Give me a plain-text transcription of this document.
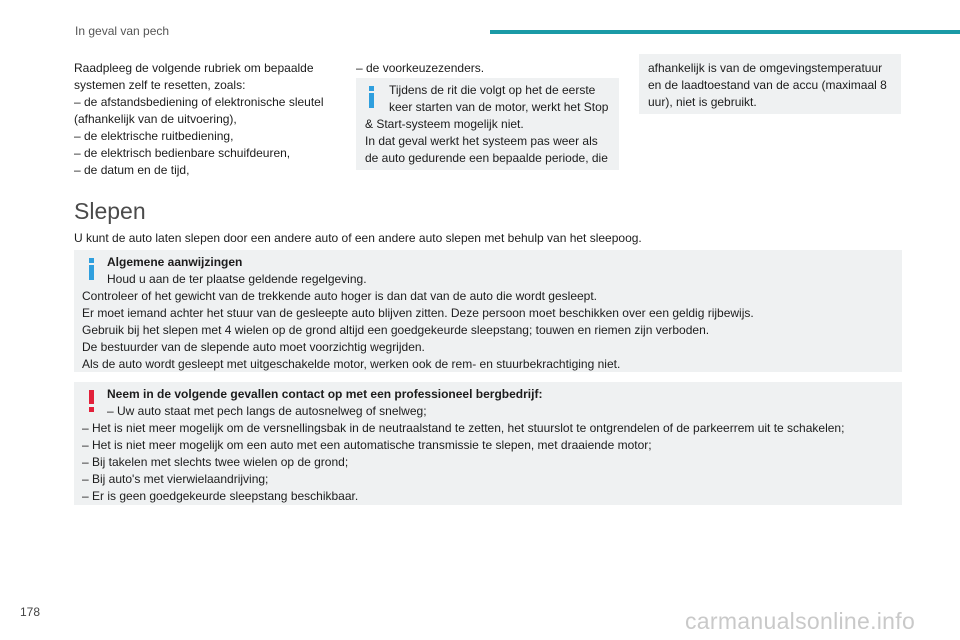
In geval van pech
Raadpleeg de volgende rubriek om bepaalde
systemen zelf te resetten, zoals:
– de afstandsbediening of elektronische sleutel
(afhankelijk van de uitvoering),
– de elektrische ruitbediening,
– de elektrisch bedienbare schuifdeuren,
– de datum en de tijd,
– de voorkeuzezenders.
Tijdens de rit die volgt op het de eerste
keer starten van de motor, werkt het Stop
& Start-systeem mogelijk niet.
In dat geval werkt het systeem pas weer als
de auto gedurende een bepaalde periode, die
afhankelijk is van de omgevingstemperatuur
en de laadtoestand van de accu (maximaal 8
uur), niet is gebruikt.
Slepen
U kunt de auto laten slepen door een andere auto of een andere auto slepen met behulp van het sleepoog.
Algemene aanwijzingen
Houd u aan de ter plaatse geldende regelgeving.
Controleer of het gewicht van de trekkende auto hoger is dan dat van de auto die wordt gesleept.
Er moet iemand achter het stuur van de gesleepte auto blijven zitten. Deze persoon moet beschikken over een geldig rijbewijs.
Gebruik bij het slepen met 4 wielen op de grond altijd een goedgekeurde sleepstang; touwen en riemen zijn verboden.
De bestuurder van de slepende auto moet voorzichtig wegrijden.
Als de auto wordt gesleept met uitgeschakelde motor, werken ook de rem- en stuurbekrachtiging niet.
Neem in de volgende gevallen contact op met een professioneel bergbedrijf:
– Uw auto staat met pech langs de autosnelweg of snelweg;
– Het is niet meer mogelijk om de versnellingsbak in de neutraalstand te zetten, het stuurslot te ontgrendelen of de parkeerrem uit te schakelen;
– Het is niet meer mogelijk om een auto met een automatische transmissie te slepen, met draaiende motor;
– Bij takelen met slechts twee wielen op de grond;
– Bij auto's met vierwielaandrijving;
– Er is geen goedgekeurde sleepstang beschikbaar.
178	carmanualsonline.info
